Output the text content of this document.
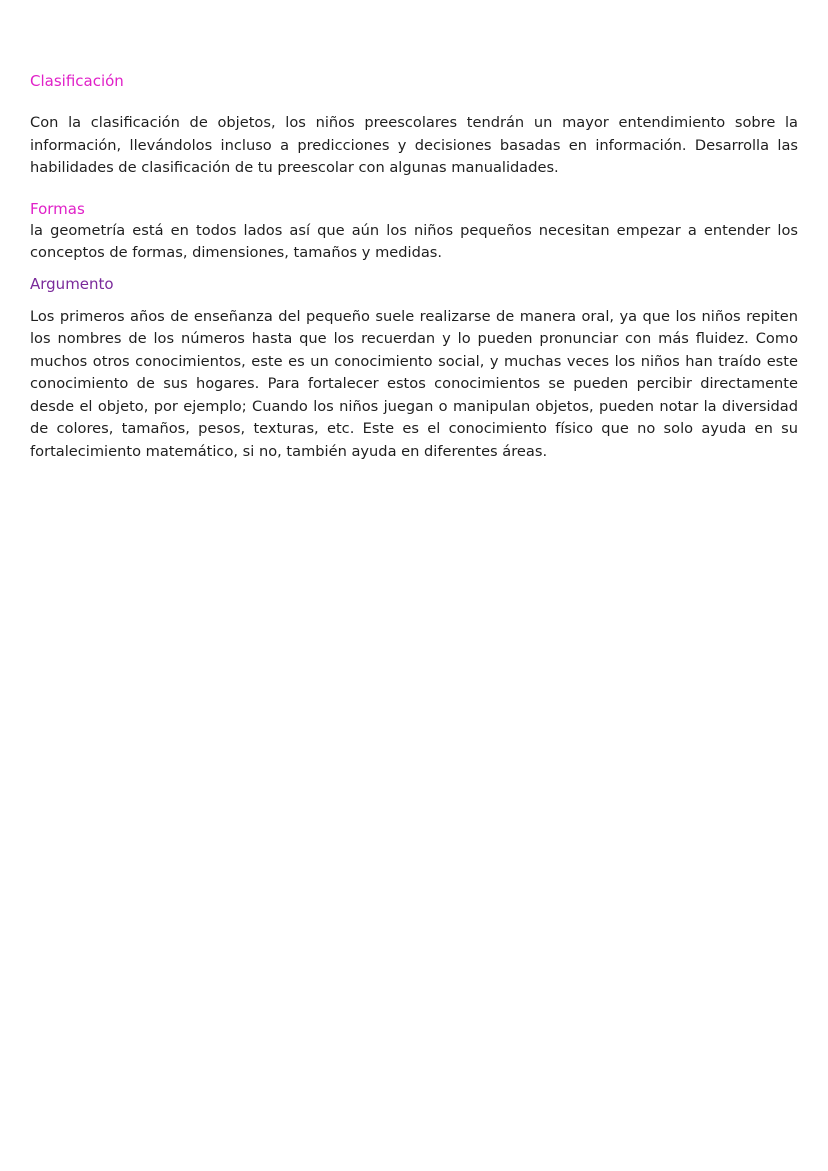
Clasificación

Con la clasificación de objetos, los niños preescolares tendrán un mayor entendimiento sobre la información, llevándolos incluso a predicciones y decisiones basadas en información. Desarrolla las habilidades de clasificación de tu preescolar con algunas manualidades.

Formas

la geometría está en todos lados así que aún los niños pequeños necesitan empezar a entender los conceptos de formas, dimensiones, tamaños y medidas.

Argumento

Los primeros años de enseñanza del pequeño suele realizarse de manera oral, ya que los niños repiten los nombres de los números hasta que los recuerdan y lo pueden pronunciar con más fluidez. Como muchos otros conocimientos, este es un conocimiento social, y muchas veces los niños han traído este conocimiento de sus hogares. Para fortalecer estos conocimientos se pueden percibir directamente desde el objeto, por ejemplo; Cuando los niños juegan o manipulan objetos, pueden notar la diversidad de colores, tamaños, pesos, texturas, etc. Este es el conocimiento físico que no solo ayuda en su fortalecimiento matemático, si no, también ayuda en diferentes áreas.
